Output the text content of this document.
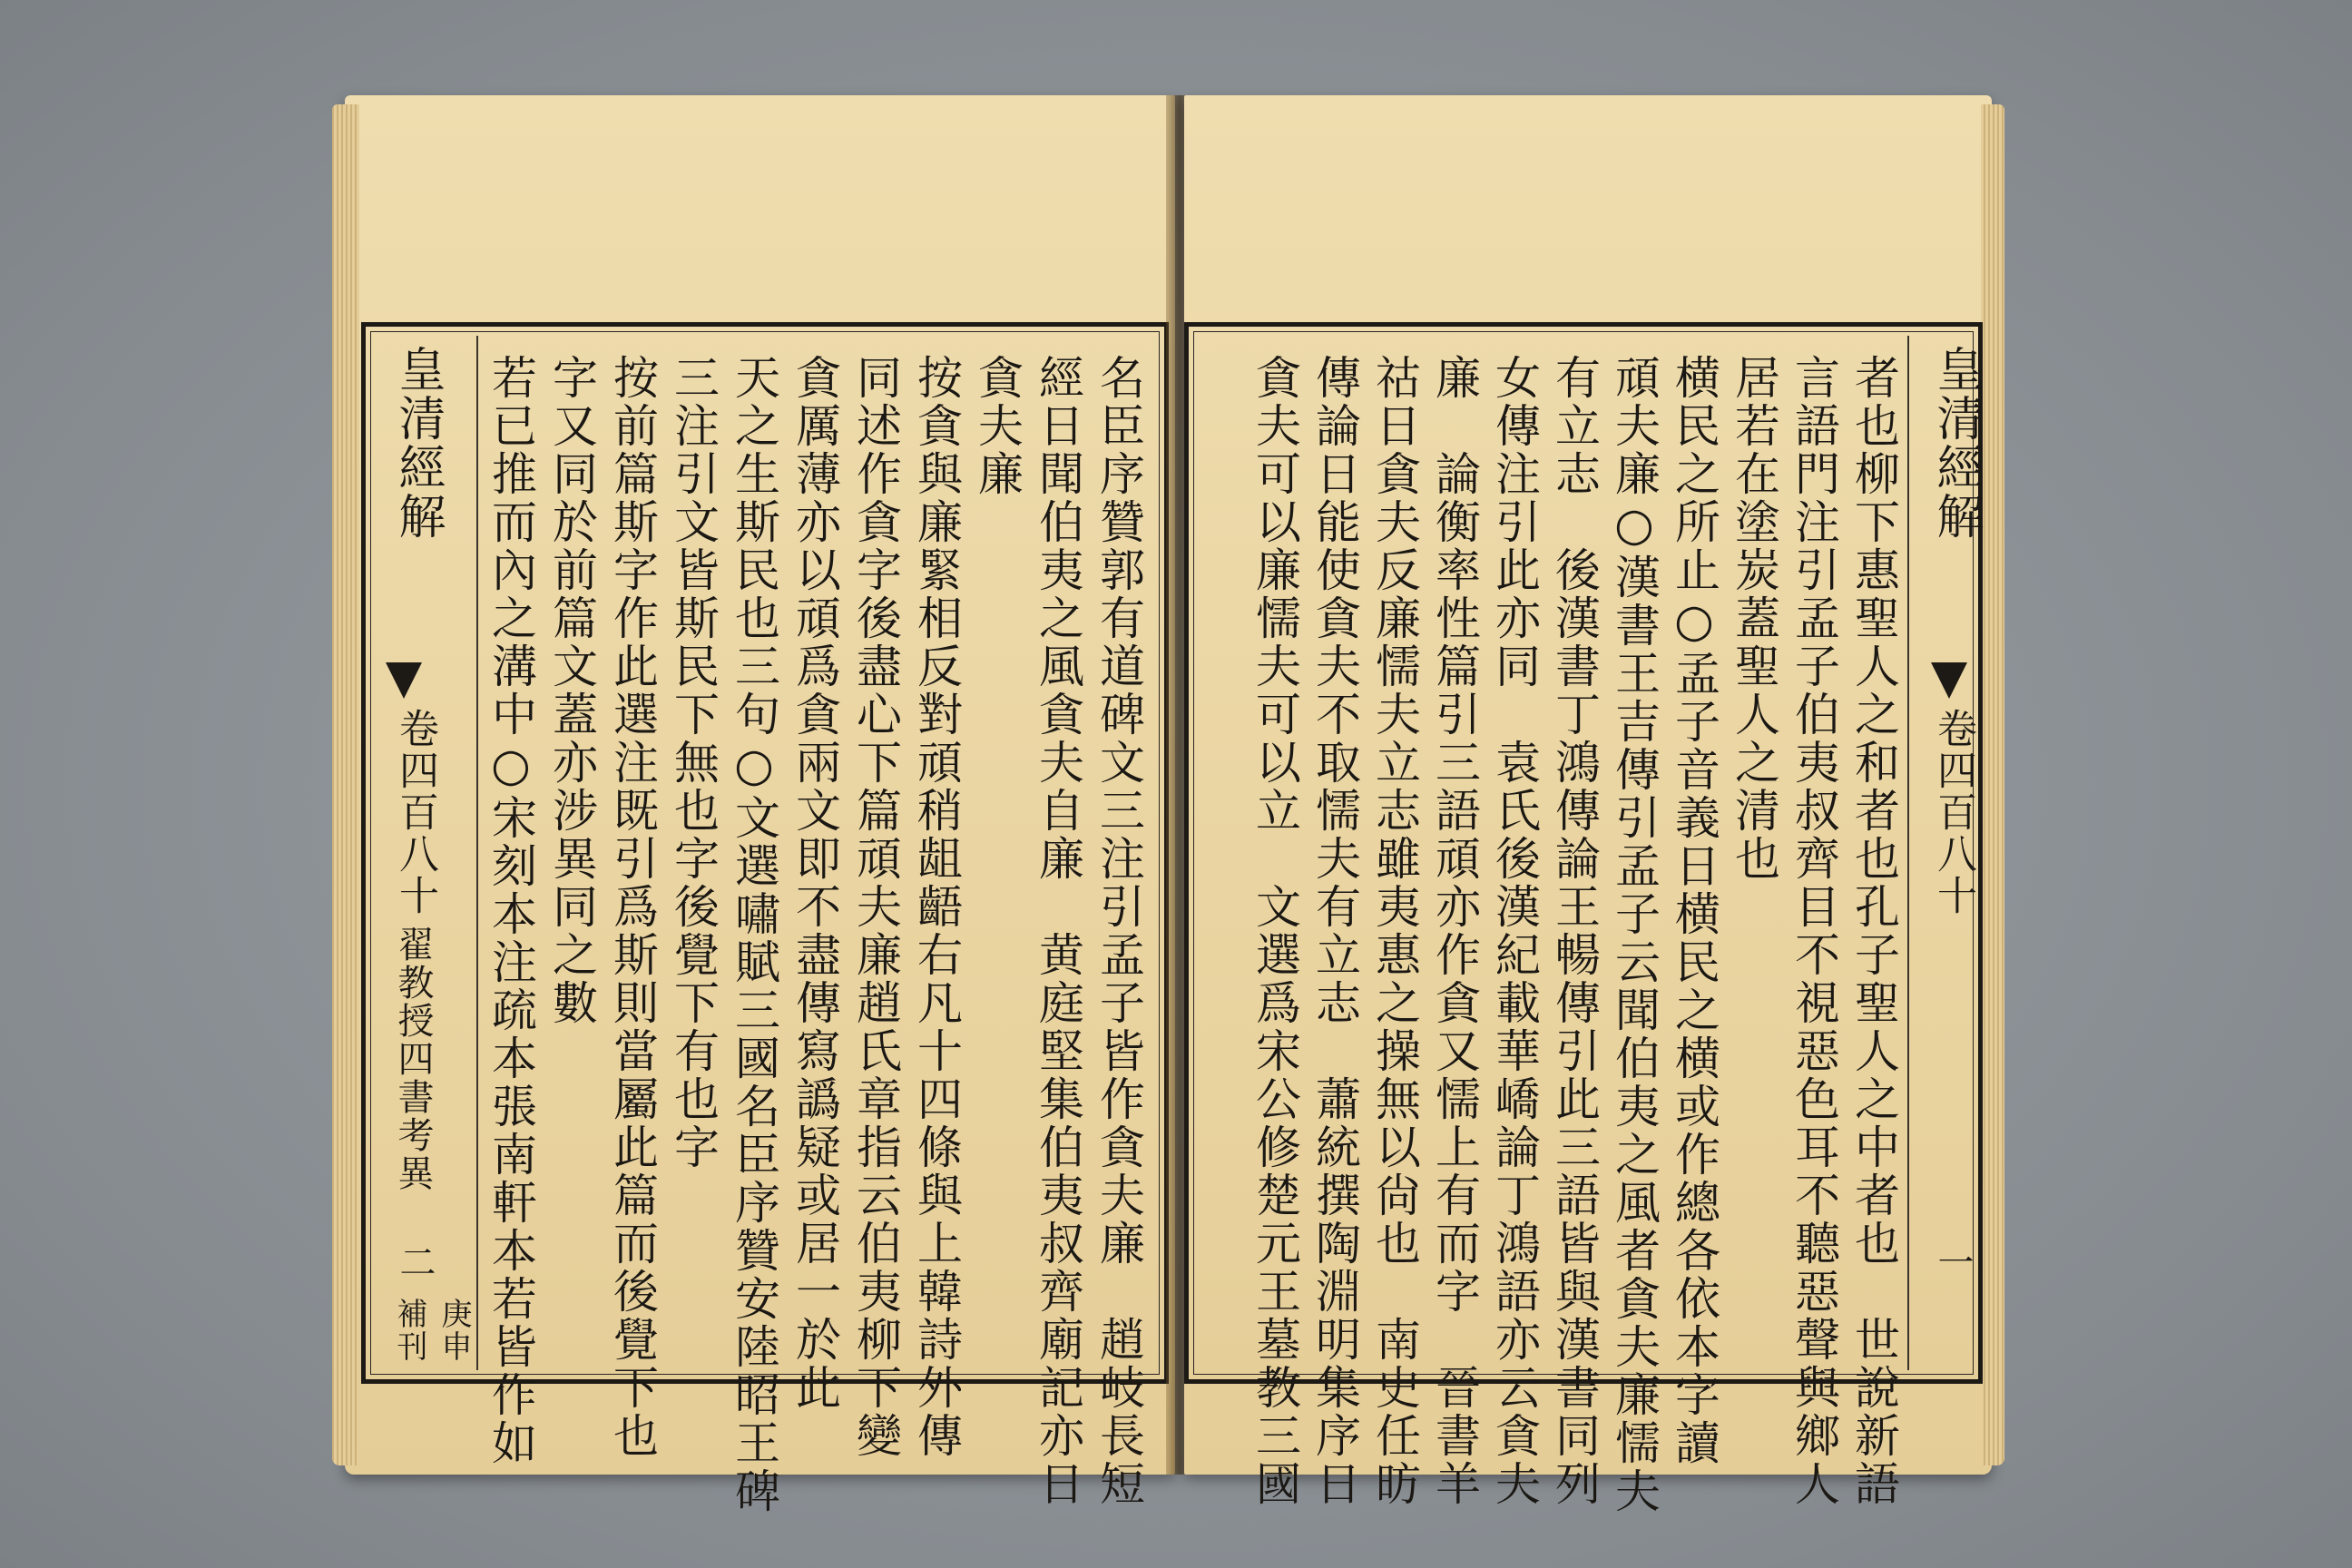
名臣序贊郭有道碑文三注引孟子皆作貪夫廉　趙岐長短
經日聞伯夷之風貪夫自廉　黄庭堅集伯夷叔齊廟記亦日
貪夫廉
按貪與廉緊相反對頑稍龃齬右凡十四條與上韓詩外傳
同述作貪字後盡心下篇頑夫廉趙氏章指云伯夷柳下變
貪厲薄亦以頑爲貪兩文即不盡傳寫譌疑或居一於此
天之生斯民也三句○文選嘯賦三國名臣序贊安陸昭王碑
三注引文皆斯民下無也字後覺下有也字
按前篇斯字作此選注既引爲斯則當屬此篇而後覺下也
字又同於前篇文蓋亦涉異同之數
若已推而內之溝中○宋刻本注疏本張南軒本若皆作如
皇清經解
卷四百八十
翟教授四書考異
二
庚申補刊
皇清經解
卷四百八十
一
者也柳下惠聖人之和者也孔子聖人之中者也　世說新語
言語門注引孟子伯夷叔齊目不視惡色耳不聽惡聲與鄉人
居若在塗炭蓋聖人之清也
横民之所止○孟子音義日横民之横或作總各依本字讀
頑夫廉○漢書王吉傳引孟子云聞伯夷之風者貪夫廉懦夫
有立志　後漢書丁鴻傳論王暢傳引此三語皆與漢書同列
女傳注引此亦同　袁氏後漢紀載華嶠論丁鴻語亦云貪夫
廉　論衡率性篇引三語頑亦作貪又懦上有而字　晉書羊
祜日貪夫反廉懦夫立志雖夷惠之操無以尙也　南史任昉
傳論日能使貪夫不取懦夫有立志　蕭統撰陶淵明集序日
貪夫可以廉懦夫可以立　文選爲宋公修楚元王墓教三國
